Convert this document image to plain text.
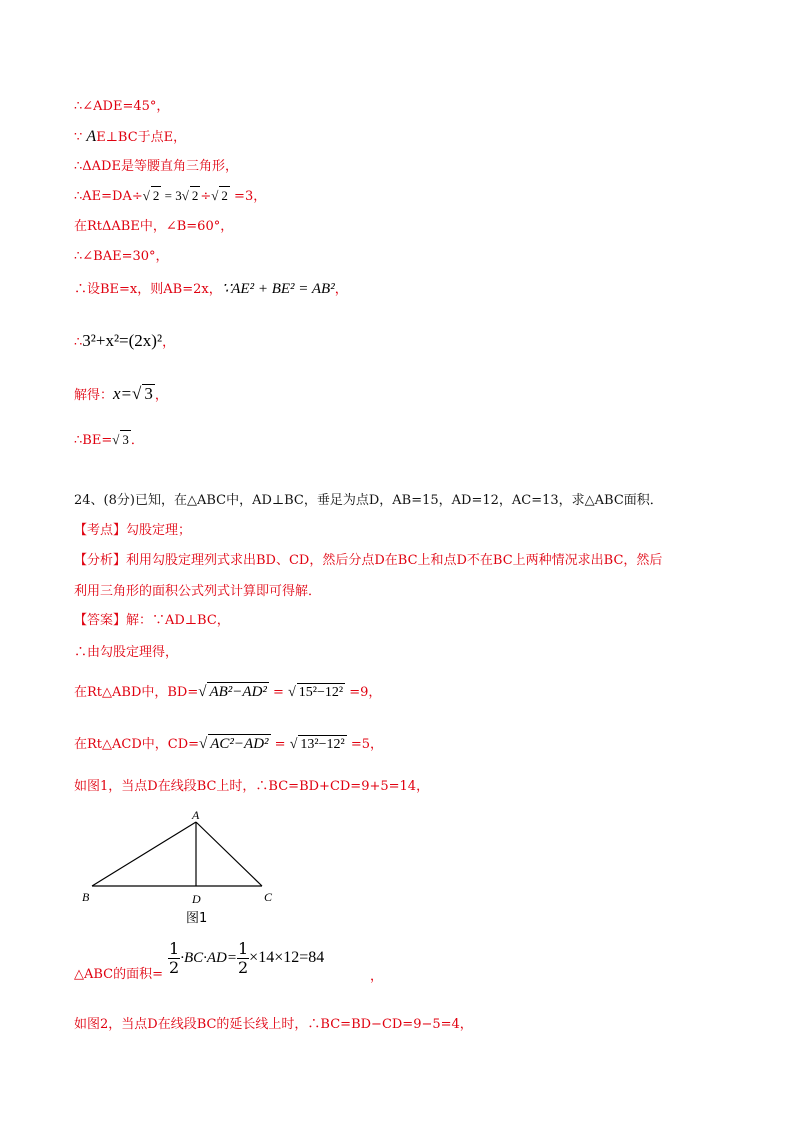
∴∠ADE=45°，
∵ AE⊥BC于点E，
∴ΔADE是等腰直角三角形，
∴AE=DA÷√ 2 = 3√ 2 ÷√ 2 =3，
在RtΔABE中，∠B=60°，
∴∠BAE=30°，
∴设BE=x，则AB=2x，∵AE² + BE² = AB²，
∴3²+x²=(2x)²，
解得：x=√ 3 ，
∴BE=√ 3 ．
24、(8分)已知，在△ABC中，AD⊥BC，垂足为点D，AB=15，AD=12，AC=13，求△ABC面积．
【考点】勾股定理；
【分析】利用勾股定理列式求出BD、CD，然后分点D在BC上和点D不在BC上两种情况求出BC，然后
利用三角形的面积公式列式计算即可得解．
【答案】解：∵AD⊥BC，
∴由勾股定理得，
在Rt△ABD中，BD=√ AB²−AD² = √ 15²−12² =9，
在Rt△ACD中，CD=√ AC²−AD² = √ 13²−12² =5，
如图1，当点D在线段BC上时，∴BC=BD+CD=9+5=14，
A
B	C
D
图1
△ABC的面积= $\frac{1}{2} \cdot BC\cdot AD= \frac{1}{2} \times 14\times 12=84$
，
如图2，当点D在线段BC的延长线上时，∴BC=BD−CD=9−5=4，
